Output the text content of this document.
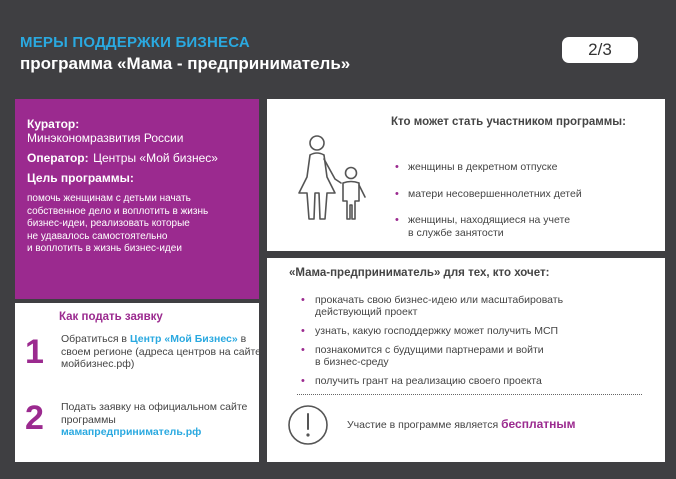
МЕРЫ ПОДДЕРЖКИ БИЗНЕСА
программа «Мама - предприниматель»
2/3
Куратор:
Минэкономразвития России
Оператор: Центры «Мой бизнес»
Цель программы:
помочь женщинам с детьми начать
собственное дело и воплотить в жизнь
бизнес-идеи, реализовать которые
не удавалось самостоятельно
и воплотить в жизнь бизнес-идеи
Кто может стать участником программы:
• женщины в декретном отпуске
• матери несовершеннолетних детей
• женщины, находящиеся на учете
в службе занятости
«Мама-предприниматель» для тех, кто хочет:
• прокачать свою бизнес-идею или масштабировать
действующий проект
• узнать, какую господдержку может получить МСП
• познакомится с будущими партнерами и войти
в бизнес-среду
• получить грант на реализацию своего проекта
Участие в программе является бесплатным
Как подать заявку
1 Обратиться в Центр «Мой Бизнес» в своем регионе (адреса центров на сайте мойбизнес.рф)
2 Подать заявку на официальном сайте программы
мамапредприниматель.рф
